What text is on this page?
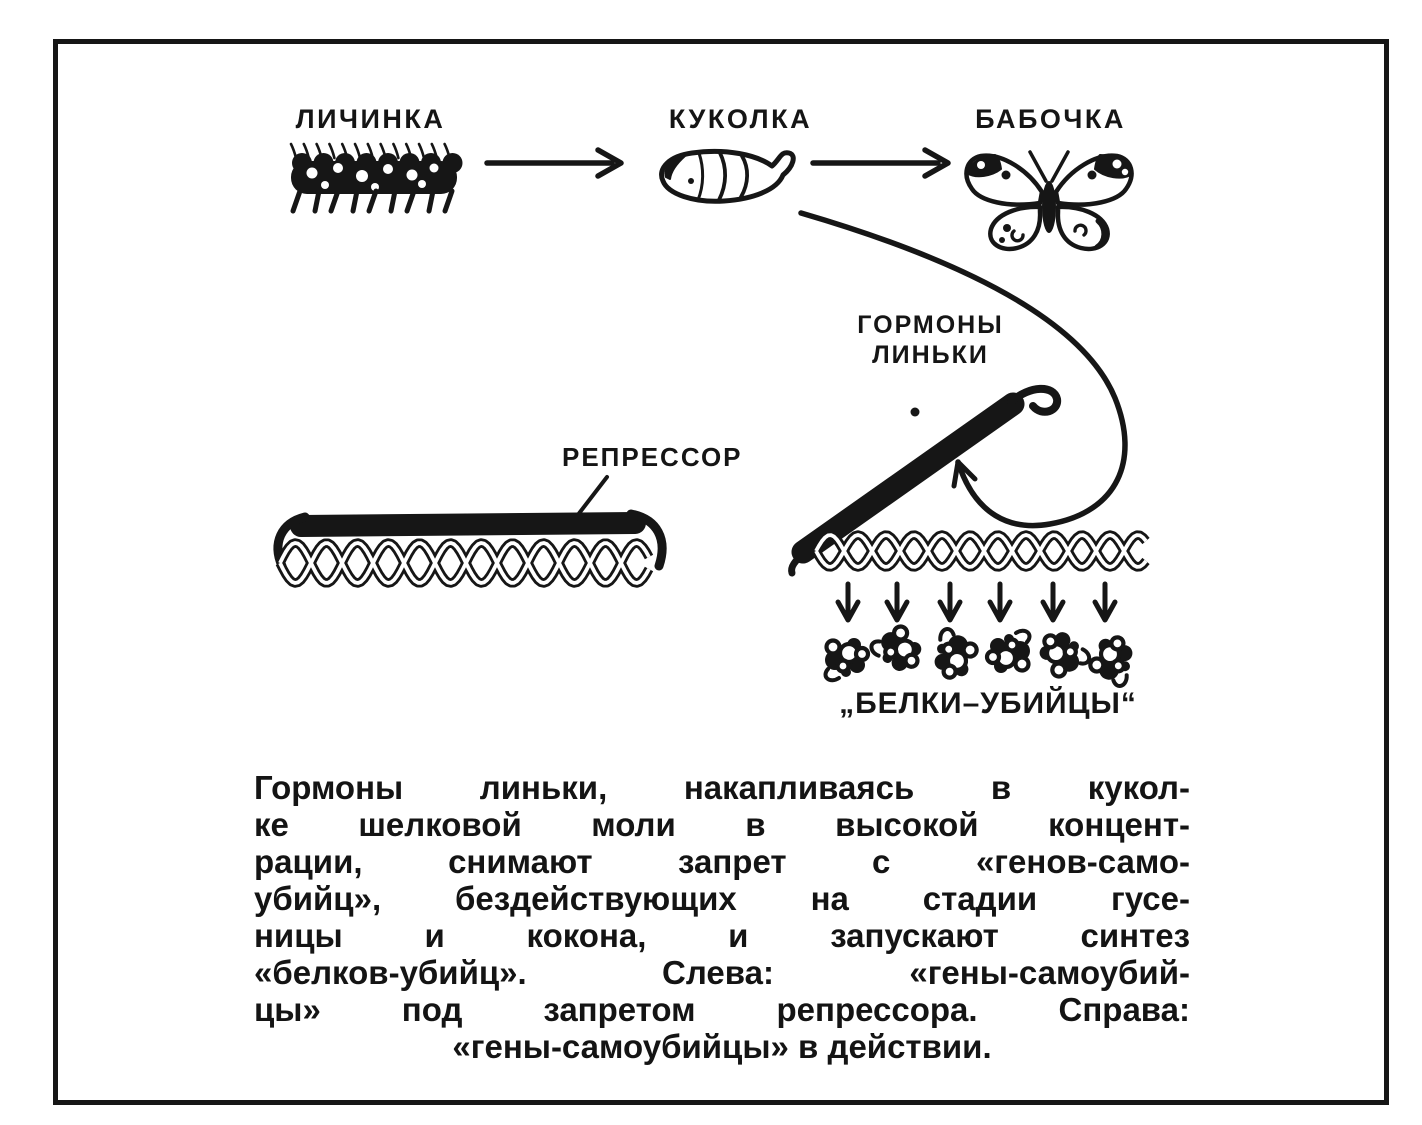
ЛИЧИНКА	КУКОЛКА	БАБОЧКА
ГОРМОНЫ
ЛИНЬКИ
РЕПРЕССОР
„БЕЛКИ–УБИЙЦЫ“
Гормоны линьки, накапливаясь в кукол-
ке шелковой моли в высокой концент-
рации, снимают запрет с «генов-само-
убийц», бездействующих на стадии гусе-
ницы и кокона, и запускают синтез
«белков-убийц». Слева: «гены-самоубий-
цы» под запретом репрессора. Справа:
«гены-самоубийцы» в действии.
